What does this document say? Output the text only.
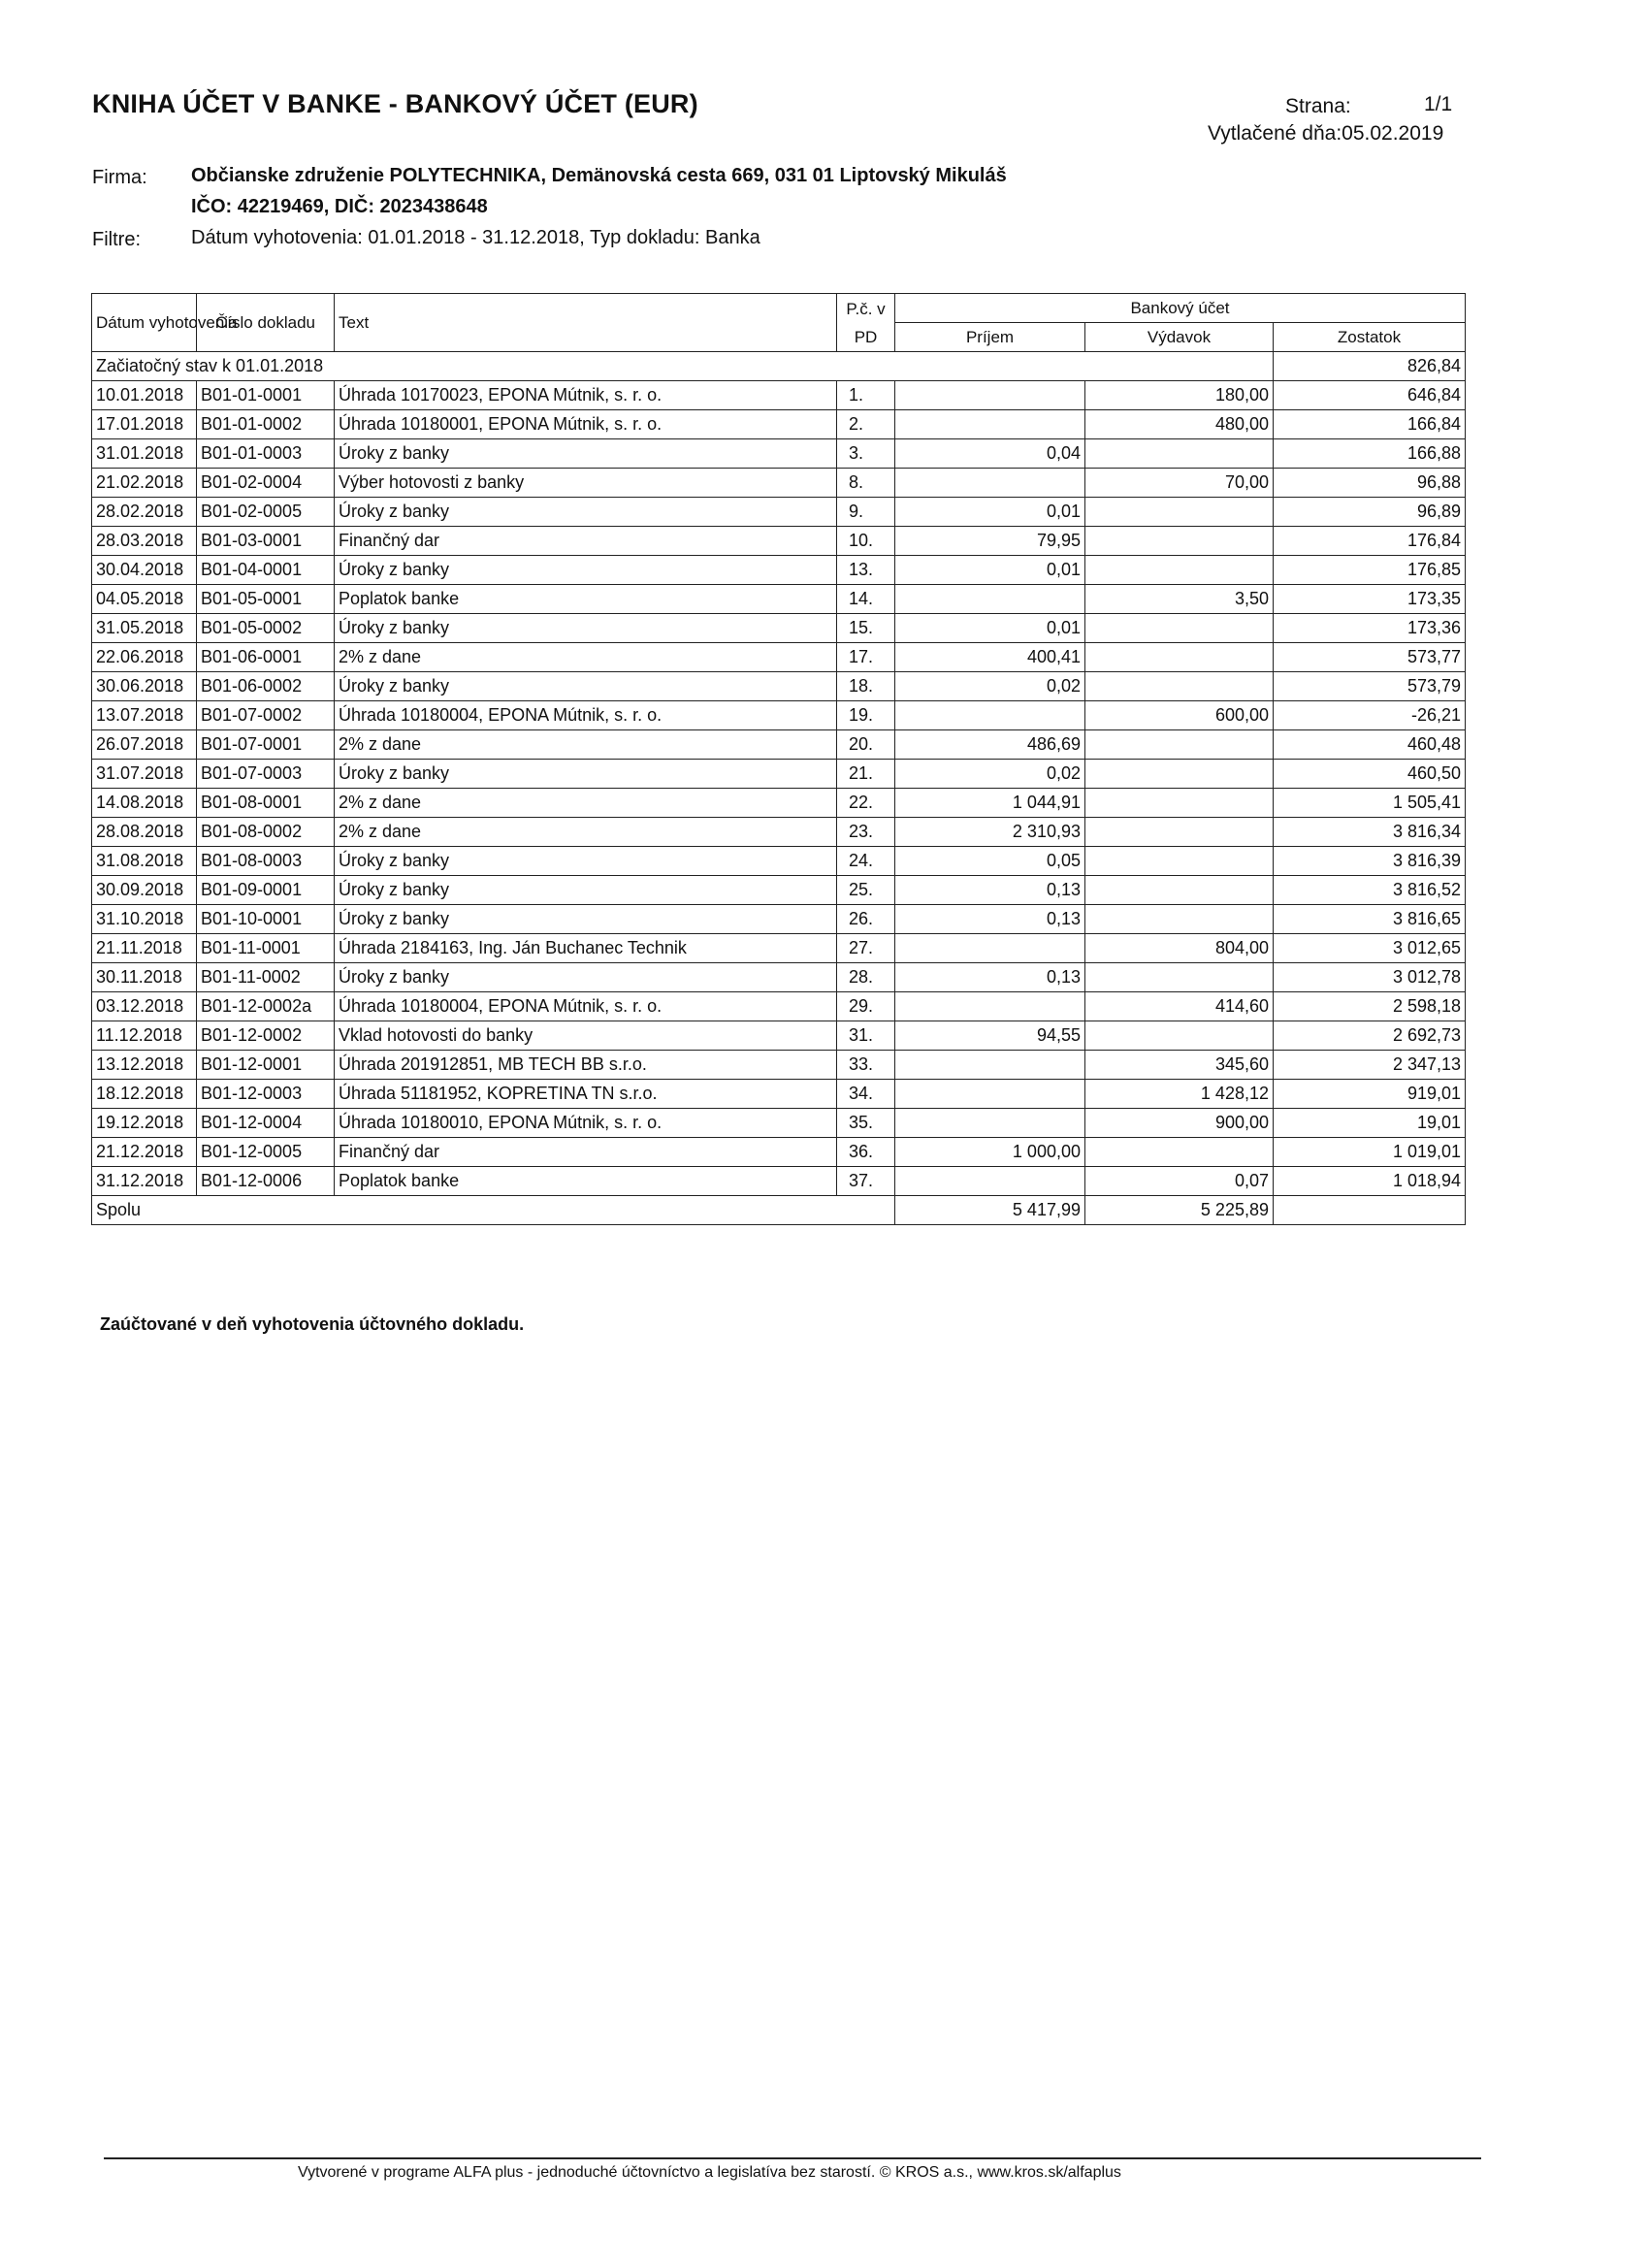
KNIHA ÚČET V BANKE - BANKOVÝ ÚČET (EUR)	Strana:	1/1
Vytlačené dňa:05.02.2019
Firma: Občianske združenie POLYTECHNIKA, Demänovská cesta 669, 031 01 Liptovský Mikuláš
IČO: 42219469, DIČ: 2023438648
Filtre:	Dátum vyhotovenia: 01.01.2018 - 31.12.2018, Typ dokladu: Banka
Dátum vyhotovenia	Číslo dokladu	Text	P.č. v PD	Bankový účet		
				Príjem	Výdavok	Zostatok
Začiatočný stav k 01.01.2018						826,84
10.01.2018	B01-01-0001	Úhrada 10170023, EPONA Mútnik, s. r. o.	1.		180,00	646,84
17.01.2018	B01-01-0002	Úhrada 10180001, EPONA Mútnik, s. r. o.	2.		480,00	166,84
31.01.2018	B01-01-0003	Úroky z banky	3.	0,04		166,88
21.02.2018	B01-02-0004	Výber hotovosti z banky	8.		70,00	96,88
28.02.2018	B01-02-0005	Úroky z banky	9.	0,01		96,89
28.03.2018	B01-03-0001	Finančný dar	10.	79,95		176,84
30.04.2018	B01-04-0001	Úroky z banky	13.	0,01		176,85
04.05.2018	B01-05-0001	Poplatok banke	14.		3,50	173,35
31.05.2018	B01-05-0002	Úroky z banky	15.	0,01		173,36
22.06.2018	B01-06-0001	2% z dane	17.	400,41		573,77
30.06.2018	B01-06-0002	Úroky z banky	18.	0,02		573,79
13.07.2018	B01-07-0002	Úhrada 10180004, EPONA Mútnik, s. r. o.	19.		600,00	-26,21
26.07.2018	B01-07-0001	2% z dane	20.	486,69		460,48
31.07.2018	B01-07-0003	Úroky z banky	21.	0,02		460,50
14.08.2018	B01-08-0001	2% z dane	22.	1 044,91		1 505,41
28.08.2018	B01-08-0002	2% z dane	23.	2 310,93		3 816,34
31.08.2018	B01-08-0003	Úroky z banky	24.	0,05		3 816,39
30.09.2018	B01-09-0001	Úroky z banky	25.	0,13		3 816,52
31.10.2018	B01-10-0001	Úroky z banky	26.	0,13		3 816,65
21.11.2018	B01-11-0001	Úhrada 2184163, Ing. Ján Buchanec Technik	27.		804,00	3 012,65
30.11.2018	B01-11-0002	Úroky z banky	28.	0,13		3 012,78
03.12.2018	B01-12-0002a	Úhrada 10180004, EPONA Mútnik, s. r. o.	29.		414,60	2 598,18
11.12.2018	B01-12-0002	Vklad hotovosti do banky	31.	94,55		2 692,73
13.12.2018	B01-12-0001	Úhrada 201912851, MB TECH BB s.r.o.	33.		345,60	2 347,13
18.12.2018	B01-12-0003	Úhrada 51181952, KOPRETINA TN s.r.o.	34.		1 428,12	919,01
19.12.2018	B01-12-0004	Úhrada 10180010, EPONA Mútnik, s. r. o.	35.		900,00	19,01
21.12.2018	B01-12-0005	Finančný dar	36.	1 000,00		1 019,01
31.12.2018	B01-12-0006	Poplatok banke	37.		0,07	1 018,94
Spolu				5 417,99	5 225,89	
Zaúčtované v deň vyhotovenia účtovného dokladu.
Vytvorené v programe ALFA plus - jednoduché účtovníctvo a legislatíva bez starostí. © KROS a.s., www.kros.sk/alfaplus
